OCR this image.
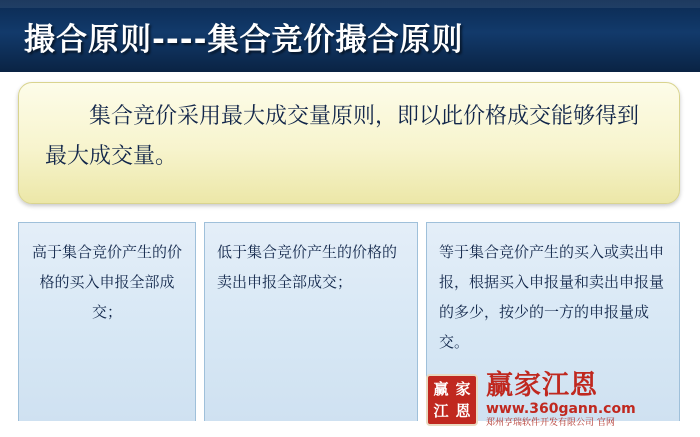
撮合原则----集合竞价撮合原则
集合竞价采用最大成交量原则，即以此价格成交能够得到最大成交量。
高于集合竞价产生的价格的买入申报全部成交；
低于集合竞价产生的价格的卖出申报全部成交；
等于集合竞价产生的买入或卖出申报，根据买入申报量和卖出申报量的多少，按少的一方的申报量成交。
赢 家
江 恩
赢家江恩
www.360gann.com
郑州亨瑞软件开发有限公司 官网
